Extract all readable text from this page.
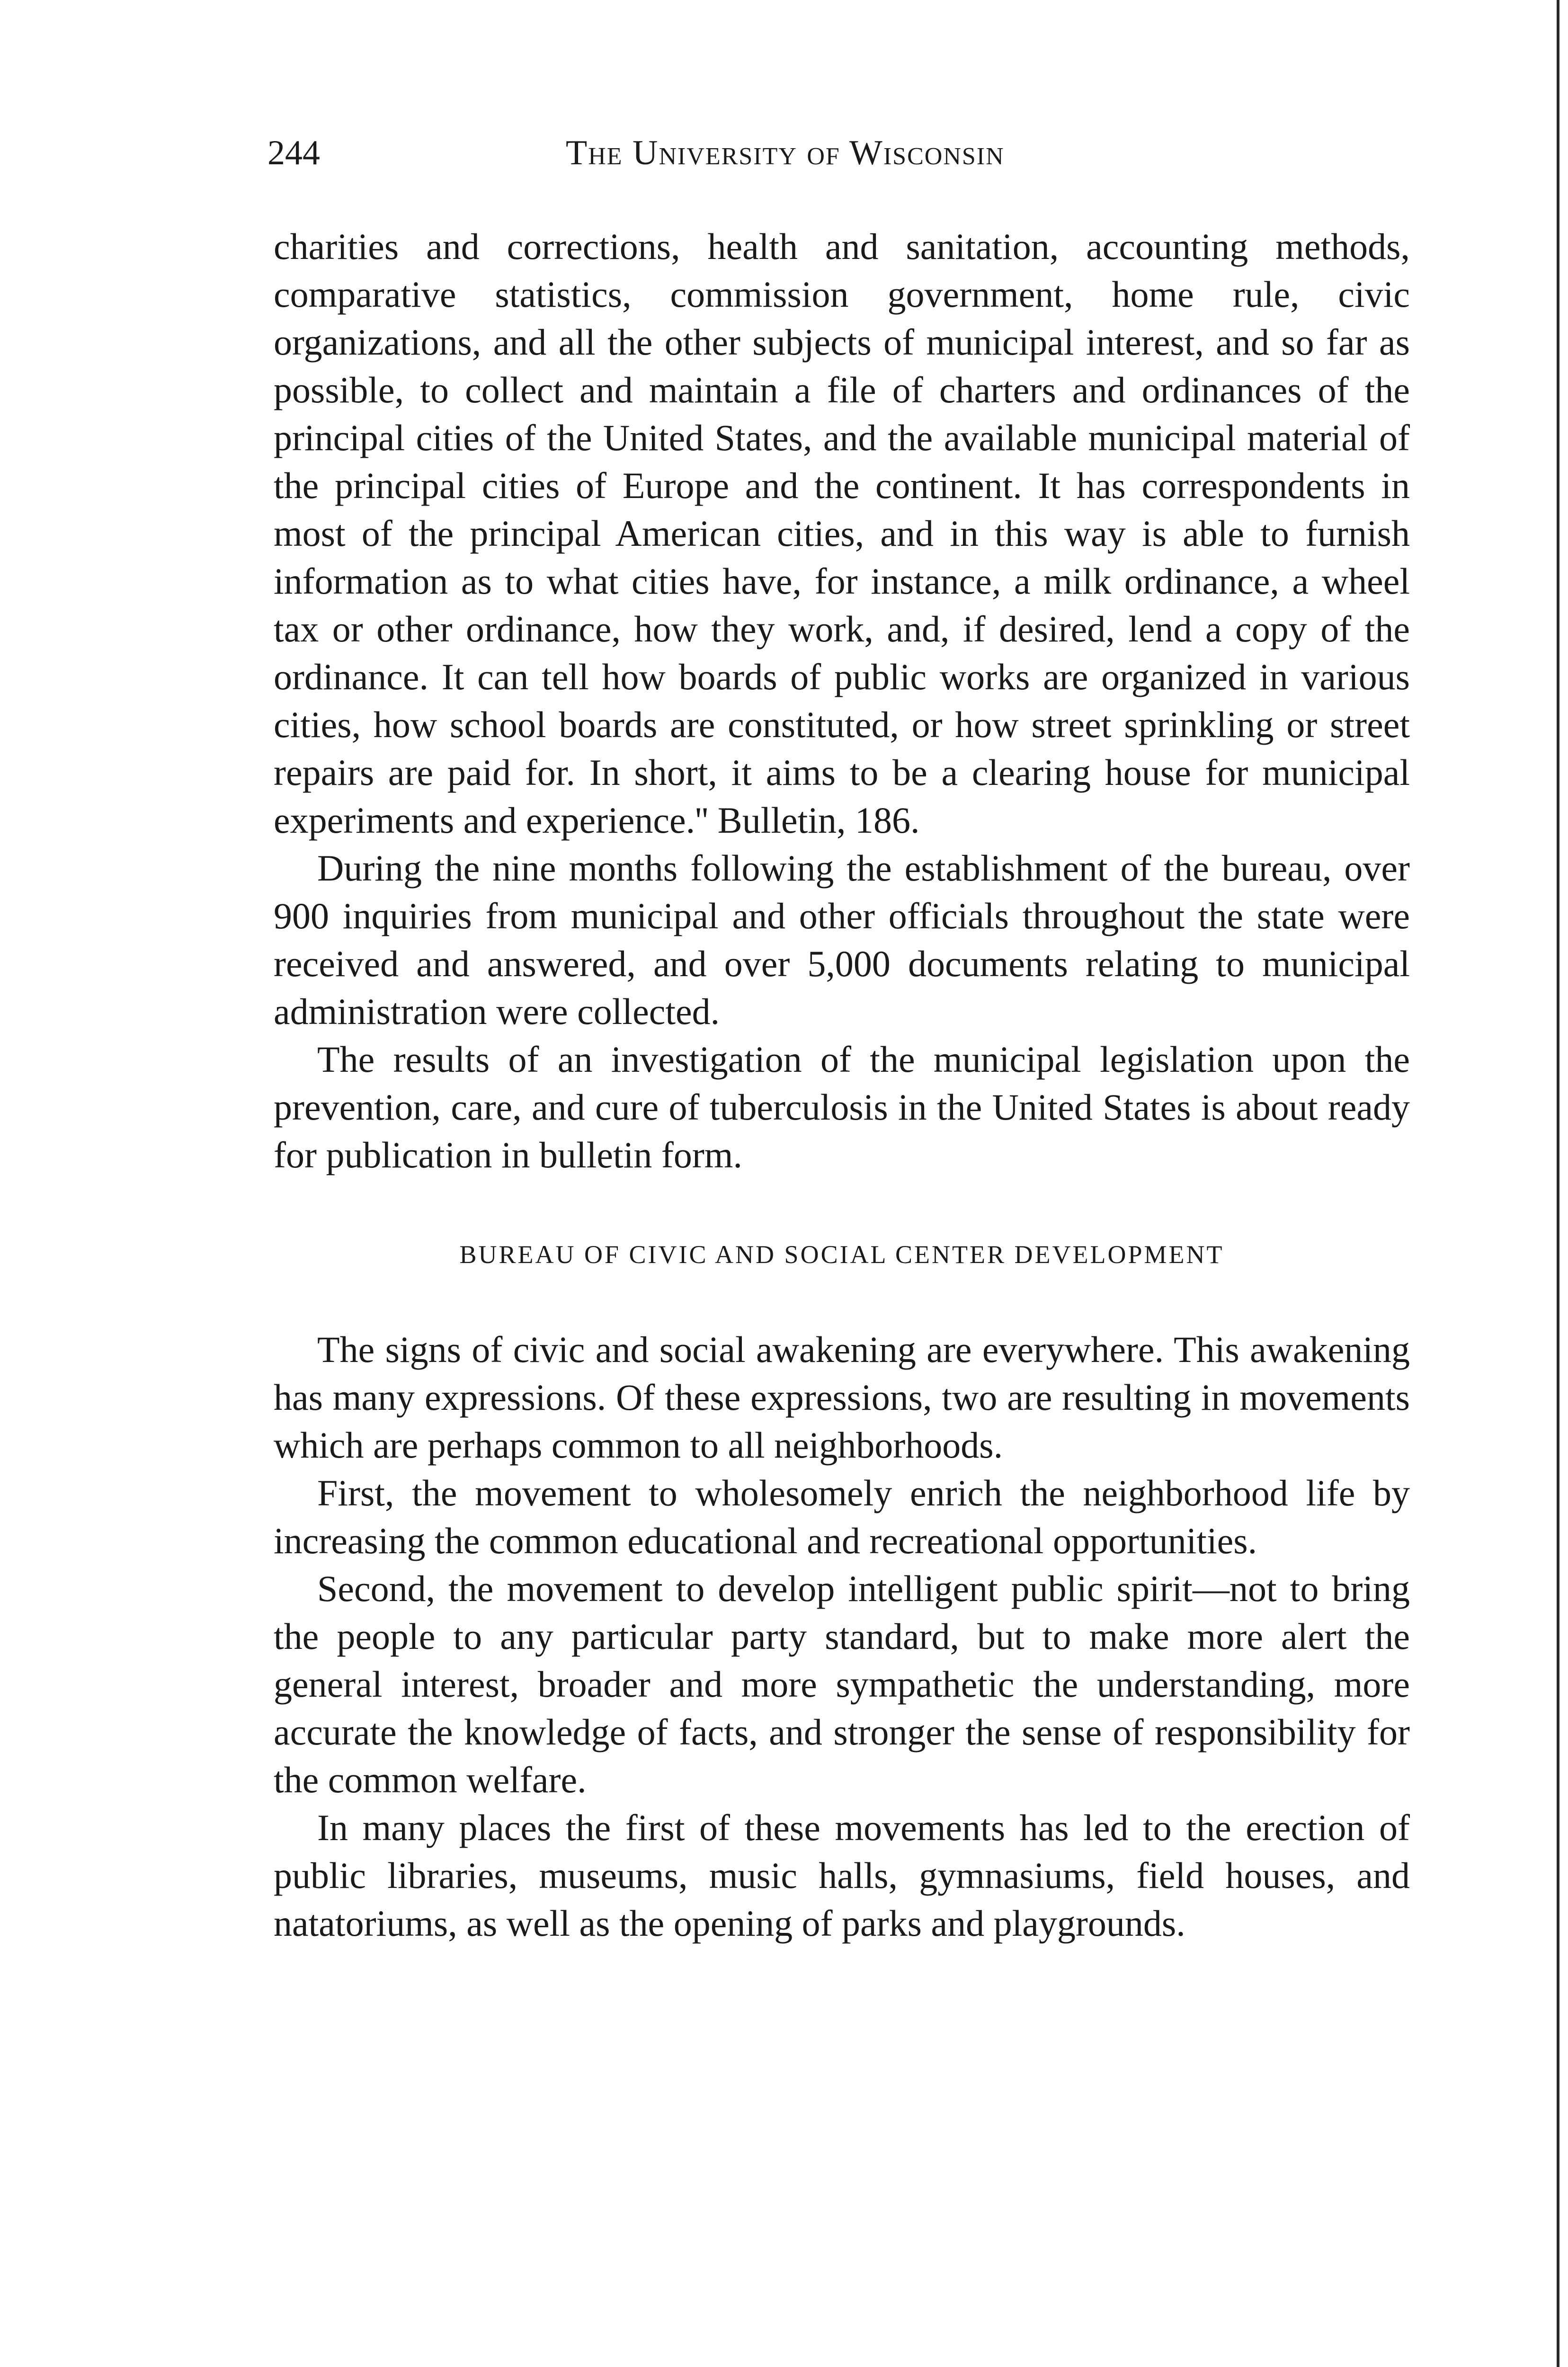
244	The University of Wisconsin

charities and corrections, health and sanitation, accounting methods, comparative statistics, commission government, home rule, civic organizations, and all the other subjects of municipal interest, and so far as possible, to collect and maintain a file of charters and ordinances of the principal cities of the United States, and the available municipal material of the principal cities of Europe and the continent. It has correspondents in most of the principal American cities, and in this way is able to furnish information as to what cities have, for instance, a milk ordinance, a wheel tax or other ordinance, how they work, and, if desired, lend a copy of the ordinance. It can tell how boards of public works are organized in various cities, how school boards are constituted, or how street sprinkling or street repairs are paid for. In short, it aims to be a clearing house for municipal experiments and experience.'' Bulletin, 186.

During the nine months following the establishment of the bureau, over 900 inquiries from municipal and other officials throughout the state were received and answered, and over 5,000 documents relating to municipal administration were collected.

The results of an investigation of the municipal legislation upon the prevention, care, and cure of tuberculosis in the United States is about ready for publication in bulletin form.

BUREAU OF CIVIC AND SOCIAL CENTER DEVELOPMENT

The signs of civic and social awakening are everywhere. This awakening has many expressions. Of these expressions, two are resulting in movements which are perhaps common to all neighborhoods.

First, the movement to wholesomely enrich the neighborhood life by increasing the common educational and recreational opportunities.

Second, the movement to develop intelligent public spirit—not to bring the people to any particular party standard, but to make more alert the general interest, broader and more sympathetic the understanding, more accurate the knowledge of facts, and stronger the sense of responsibility for the common welfare.

In many places the first of these movements has led to the erection of public libraries, museums, music halls, gymnasiums, field houses, and natatoriums, as well as the opening of parks and playgrounds.
